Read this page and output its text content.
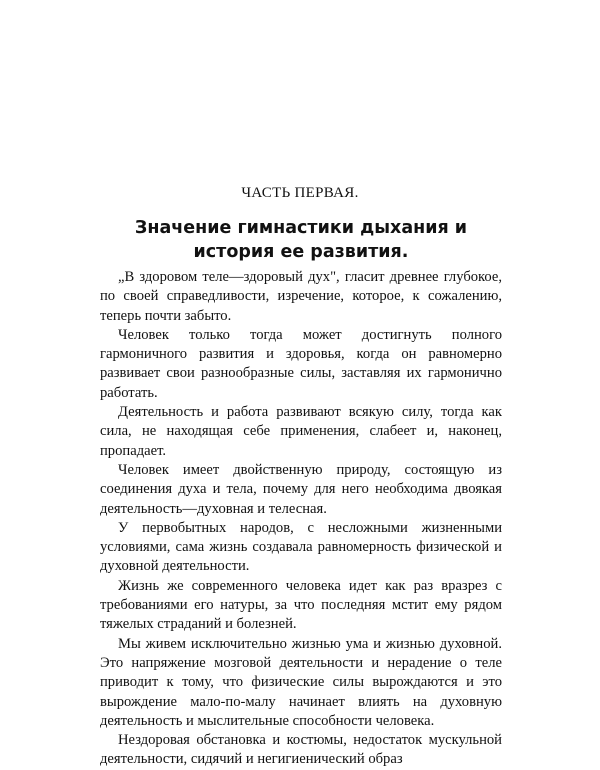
ЧАСТЬ ПЕРВАЯ.
Значение гимнастики дыхания и история ее развития.

„В здоровом теле—здоровый дух", гласит древнее глубокое, по своей справедливости, изречение, которое, к сожалению, теперь почти забыто.

Человек только тогда может достигнуть полного гармоничного развития и здоровья, когда он равномерно развивает свои разнообразные силы, заставляя их гармонично работать.

Деятельность и работа развивают всякую силу, тогда как сила, не находящая себе применения, слабеет и, наконец, пропадает.

Человек имеет двойственную природу, состоящую из соединения духа и тела, почему для него необходима двоякая деятельность—духовная и телесная.

У первобытных народов, с несложными жизненными условиями, сама жизнь создавала равномерность физической и духовной деятельности.

Жизнь же современного человека идет как раз вразрез с требованиями его натуры, за что последняя мстит ему рядом тяжелых страданий и болезней.

Мы живем исключительно жизнью ума и жизнью духовной. Это напряжение мозговой деятельности и нерадение о теле приводит к тому, что физические силы вырождаются и это вырождение мало-по-малу начинает влиять на духовную деятельность и мыслительные способности человека.

Нездоровая обстановка и костюмы, недостаток мускульной деятельности, сидячий и негигиенический образ
